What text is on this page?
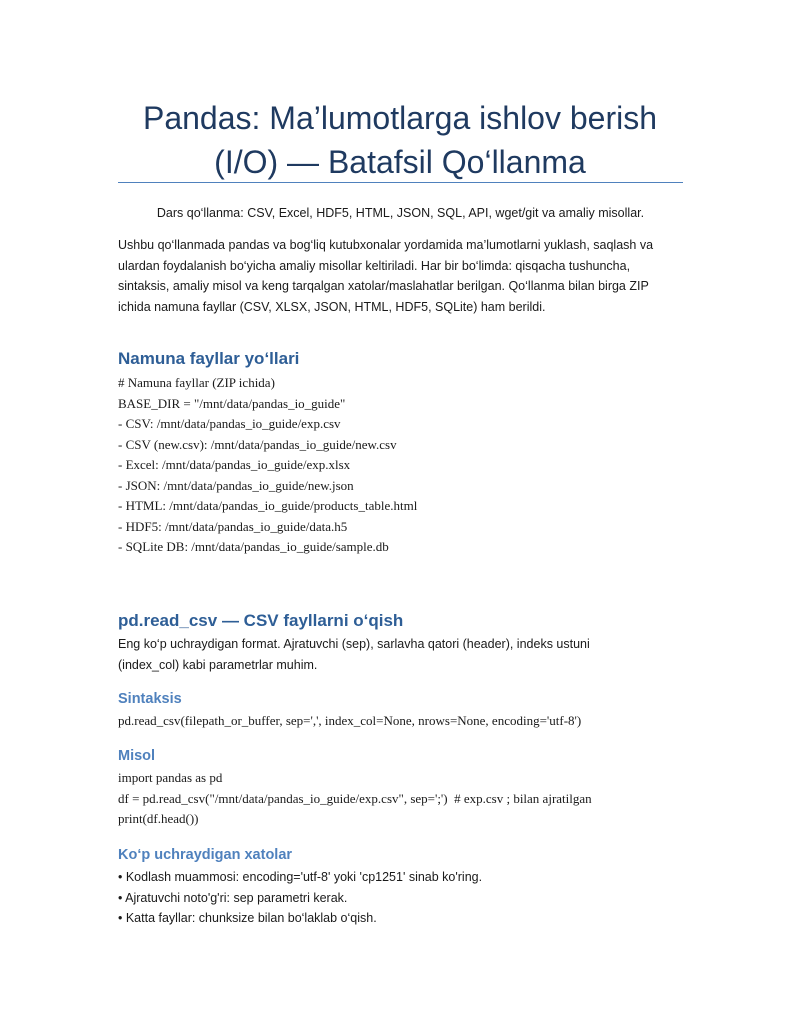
Pandas: Ma’lumotlarga ishlov berish
(I/O) — Batafsil Qo‘llanma
Dars qo‘llanma: CSV, Excel, HDF5, HTML, JSON, SQL, API, wget/git va amaliy misollar.

Ushbu qo‘llanmada pandas va bog‘liq kutubxonalar yordamida ma’lumotlarni yuklash, saqlash va ulardan foydalanish bo‘yicha amaliy misollar keltiriladi. Har bir bo‘limda: qisqacha tushuncha, sintaksis, amaliy misol va keng tarqalgan xatolar/maslahatlar berilgan. Qo‘llanma bilan birga ZIP ichida namuna fayllar (CSV, XLSX, JSON, HTML, HDF5, SQLite) ham berildi.

Namuna fayllar yo‘llari
# Namuna fayllar (ZIP ichida)
BASE_DIR = "/mnt/data/pandas_io_guide"
- CSV: /mnt/data/pandas_io_guide/exp.csv
- CSV (new.csv): /mnt/data/pandas_io_guide/new.csv
- Excel: /mnt/data/pandas_io_guide/exp.xlsx
- JSON: /mnt/data/pandas_io_guide/new.json
- HTML: /mnt/data/pandas_io_guide/products_table.html
- HDF5: /mnt/data/pandas_io_guide/data.h5
- SQLite DB: /mnt/data/pandas_io_guide/sample.db
pd.read_csv — CSV fayllarni o‘qish
Eng ko‘p uchraydigan format. Ajratuvchi (sep), sarlavha qatori (header), indeks ustuni
(index_col) kabi parametrlar muhim.
Sintaksis
pd.read_csv(filepath_or_buffer, sep=',', index_col=None, nrows=None, encoding='utf-8')
Misol
import pandas as pd
df = pd.read_csv("/mnt/data/pandas_io_guide/exp.csv", sep=';')  # exp.csv ; bilan ajratilgan
print(df.head())
Ko‘p uchraydigan xatolar
• Kodlash muammosi: encoding='utf-8' yoki 'cp1251' sinab ko'ring.
• Ajratuvchi noto'g'ri: sep parametri kerak.
• Katta fayllar: chunksize bilan bo‘laklab o‘qish.
